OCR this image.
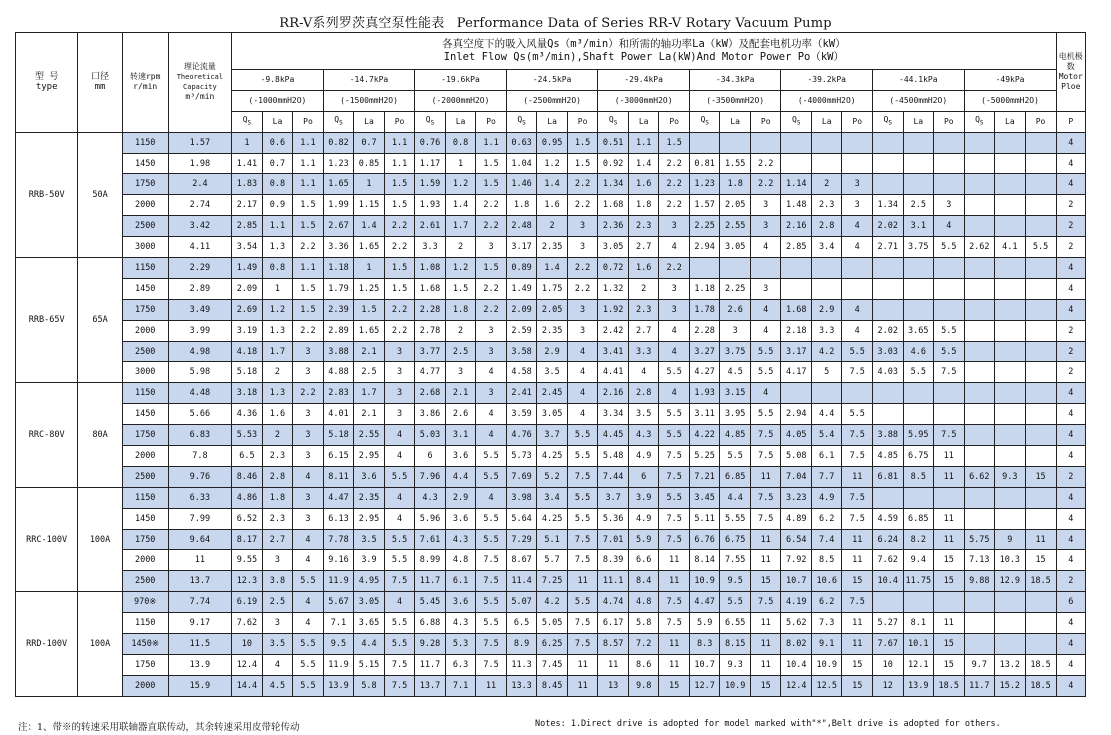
RR-V系列罗茨真空泵性能表 Performance Data of Series RR-V Rotary Vacuum Pump
型 号
type	口径
mm	转速rpm
r/min	理论流量
Theoretical
Capacity
m³/min	各真空度下的吸入风量Qs（m³/min）和所需的轴功率La（kW）及配套电机功率（kW）
Inlet Flow Qs(m³/min),Shaft Power La(kW)And Motor Power Po（kW）																											电机极数
Motor Ploe
				-9.8kPa			-14.7kPa			-19.6kPa			-24.5kPa			-29.4kPa			-34.3kPa			-39.2kPa			-44.1kPa			-49kPa			
				(-1000mmH2O)			(-1500mmH2O)			(-2000mmH2O)			(-2500mmH2O)			(-3000mmH2O)			(-3500mmH2O)			(-4000mmH2O)			(-4500mmH2O)			(-5000mmH2O)			
				$Q_S$	La	Po	$Q_S$	La	Po	$Q_S$	La	Po	$Q_S$	La	Po	$Q_S$	La	Po	$Q_S$	La	Po	$Q_S$	La	Po	$Q_S$	La	Po	$Q_S$	La	Po	P
RRB-50V	50A	1150	1.57	1	0.6	1.1	0.82	0.7	1.1	0.76	0.8	1.1	0.63	0.95	1.5	0.51	1.1	1.5													4
		1450	1.98	1.41	0.7	1.1	1.23	0.85	1.1	1.17	1	1.5	1.04	1.2	1.5	0.92	1.4	2.2	0.81	1.55	2.2										4
		1750	2.4	1.83	0.8	1.1	1.65	1	1.5	1.59	1.2	1.5	1.46	1.4	2.2	1.34	1.6	2.2	1.23	1.8	2.2	1.14	2	3							4
		2000	2.74	2.17	0.9	1.5	1.99	1.15	1.5	1.93	1.4	2.2	1.8	1.6	2.2	1.68	1.8	2.2	1.57	2.05	3	1.48	2.3	3	1.34	2.5	3				2
		2500	3.42	2.85	1.1	1.5	2.67	1.4	2.2	2.61	1.7	2.2	2.48	2	3	2.36	2.3	3	2.25	2.55	3	2.16	2.8	4	2.02	3.1	4				2
		3000	4.11	3.54	1.3	2.2	3.36	1.65	2.2	3.3	2	3	3.17	2.35	3	3.05	2.7	4	2.94	3.05	4	2.85	3.4	4	2.71	3.75	5.5	2.62	4.1	5.5	2
RRB-65V	65A	1150	2.29	1.49	0.8	1.1	1.18	1	1.5	1.08	1.2	1.5	0.89	1.4	2.2	0.72	1.6	2.2													4
		1450	2.89	2.09	1	1.5	1.79	1.25	1.5	1.68	1.5	2.2	1.49	1.75	2.2	1.32	2	3	1.18	2.25	3										4
		1750	3.49	2.69	1.2	1.5	2.39	1.5	2.2	2.28	1.8	2.2	2.09	2.05	3	1.92	2.3	3	1.78	2.6	4	1.68	2.9	4							4
		2000	3.99	3.19	1.3	2.2	2.89	1.65	2.2	2.78	2	3	2.59	2.35	3	2.42	2.7	4	2.28	3	4	2.18	3.3	4	2.02	3.65	5.5				2
		2500	4.98	4.18	1.7	3	3.88	2.1	3	3.77	2.5	3	3.58	2.9	4	3.41	3.3	4	3.27	3.75	5.5	3.17	4.2	5.5	3.03	4.6	5.5				2
		3000	5.98	5.18	2	3	4.88	2.5	3	4.77	3	4	4.58	3.5	4	4.41	4	5.5	4.27	4.5	5.5	4.17	5	7.5	4.03	5.5	7.5				2
RRC-80V	80A	1150	4.48	3.18	1.3	2.2	2.83	1.7	3	2.68	2.1	3	2.41	2.45	4	2.16	2.8	4	1.93	3.15	4										4
		1450	5.66	4.36	1.6	3	4.01	2.1	3	3.86	2.6	4	3.59	3.05	4	3.34	3.5	5.5	3.11	3.95	5.5	2.94	4.4	5.5							4
		1750	6.83	5.53	2	3	5.18	2.55	4	5.03	3.1	4	4.76	3.7	5.5	4.45	4.3	5.5	4.22	4.85	7.5	4.05	5.4	7.5	3.88	5.95	7.5				4
		2000	7.8	6.5	2.3	3	6.15	2.95	4	6	3.6	5.5	5.73	4.25	5.5	5.48	4.9	7.5	5.25	5.5	7.5	5.08	6.1	7.5	4.85	6.75	11				4
		2500	9.76	8.46	2.8	4	8.11	3.6	5.5	7.96	4.4	5.5	7.69	5.2	7.5	7.44	6	7.5	7.21	6.85	11	7.04	7.7	11	6.81	8.5	11	6.62	9.3	15	2
RRC-100V	100A	1150	6.33	4.86	1.8	3	4.47	2.35	4	4.3	2.9	4	3.98	3.4	5.5	3.7	3.9	5.5	3.45	4.4	7.5	3.23	4.9	7.5							4
		1450	7.99	6.52	2.3	3	6.13	2.95	4	5.96	3.6	5.5	5.64	4.25	5.5	5.36	4.9	7.5	5.11	5.55	7.5	4.89	6.2	7.5	4.59	6.85	11				4
		1750	9.64	8.17	2.7	4	7.78	3.5	5.5	7.61	4.3	5.5	7.29	5.1	7.5	7.01	5.9	7.5	6.76	6.75	11	6.54	7.4	11	6.24	8.2	11	5.75	9	11	4
		2000	11	9.55	3	4	9.16	3.9	5.5	8.99	4.8	7.5	8.67	5.7	7.5	8.39	6.6	11	8.14	7.55	11	7.92	8.5	11	7.62	9.4	15	7.13	10.3	15	4
		2500	13.7	12.3	3.8	5.5	11.9	4.95	7.5	11.7	6.1	7.5	11.4	7.25	11	11.1	8.4	11	10.9	9.5	15	10.7	10.6	15	10.4	11.75	15	9.88	12.9	18.5	2
RRD-100V	100A	970※	7.74	6.19	2.5	4	5.67	3.05	4	5.45	3.6	5.5	5.07	4.2	5.5	4.74	4.8	7.5	4.47	5.5	7.5	4.19	6.2	7.5							6
		1150	9.17	7.62	3	4	7.1	3.65	5.5	6.88	4.3	5.5	6.5	5.05	7.5	6.17	5.8	7.5	5.9	6.55	11	5.62	7.3	11	5.27	8.1	11				4
		1450※	11.5	10	3.5	5.5	9.5	4.4	5.5	9.28	5.3	7.5	8.9	6.25	7.5	8.57	7.2	11	8.3	8.15	11	8.02	9.1	11	7.67	10.1	15				4
		1750	13.9	12.4	4	5.5	11.9	5.15	7.5	11.7	6.3	7.5	11.3	7.45	11	11	8.6	11	10.7	9.3	11	10.4	10.9	15	10	12.1	15	9.7	13.2	18.5	4
		2000	15.9	14.4	4.5	5.5	13.9	5.8	7.5	13.7	7.1	11	13.3	8.45	11	13	9.8	15	12.7	10.9	15	12.4	12.5	15	12	13.9	18.5	11.7	15.2	18.5	4
注：1、带※的转速采用联轴器直联传动，其余转速采用皮带轮传动	Notes: 1.Direct drive is adopted for model marked with"*",Belt drive is adopted for others.
